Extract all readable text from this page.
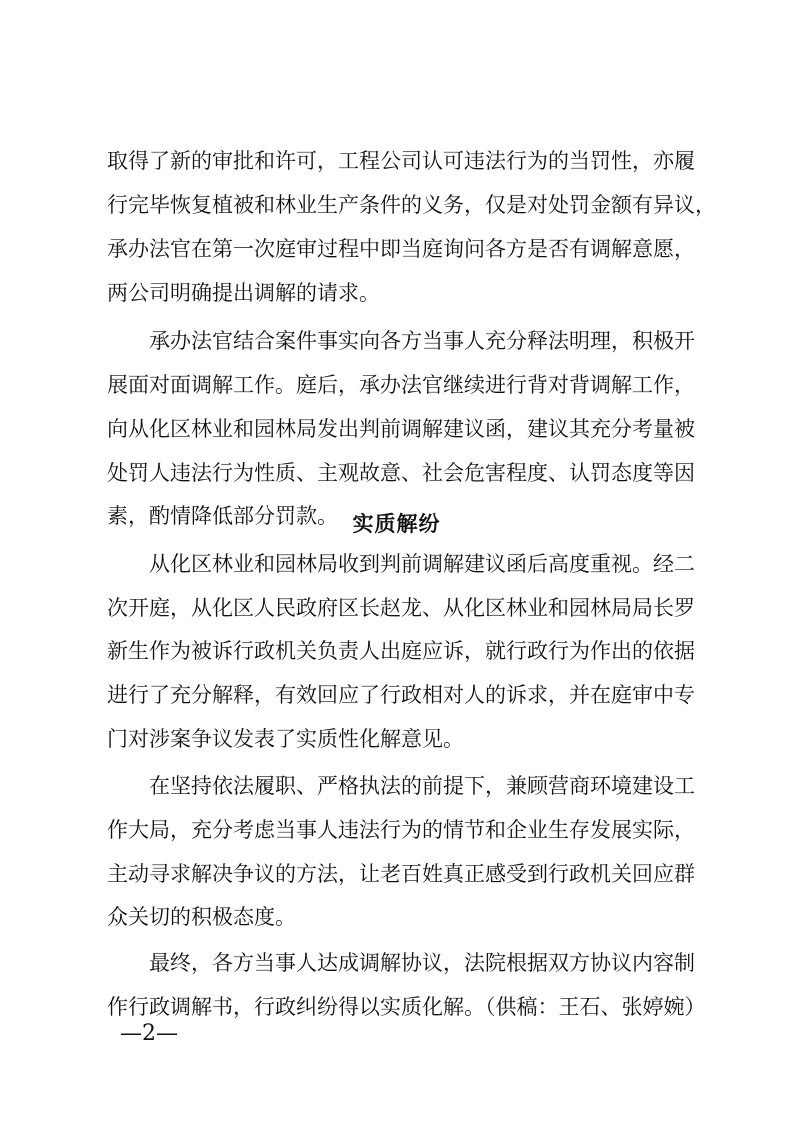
取得了新的审批和许可，工程公司认可违法行为的当罚性，亦履
行完毕恢复植被和林业生产条件的义务，仅是对处罚金额有异议，
承办法官在第一次庭审过程中即当庭询问各方是否有调解意愿，
两公司明确提出调解的请求。
承办法官结合案件事实向各方当事人充分释法明理，积极开
展面对面调解工作。庭后，承办法官继续进行背对背调解工作，
向从化区林业和园林局发出判前调解建议函，建议其充分考量被
处罚人违法行为性质、主观故意、社会危害程度、认罚态度等因
素，酌情降低部分罚款。 实质解纷
从化区林业和园林局收到判前调解建议函后高度重视。经二
次开庭，从化区人民政府区长赵龙、从化区林业和园林局局长罗
新生作为被诉行政机关负责人出庭应诉，就行政行为作出的依据
进行了充分解释，有效回应了行政相对人的诉求，并在庭审中专
门对涉案争议发表了实质性化解意见。
在坚持依法履职、严格执法的前提下，兼顾营商环境建设工
作大局，充分考虑当事人违法行为的情节和企业生存发展实际，
主动寻求解决争议的方法，让老百姓真正感受到行政机关回应群
众关切的积极态度。
最终，各方当事人达成调解协议，法院根据双方协议内容制
作行政调解书，行政纠纷得以实质化解。（供稿：王石、张婷婉）
—2—
